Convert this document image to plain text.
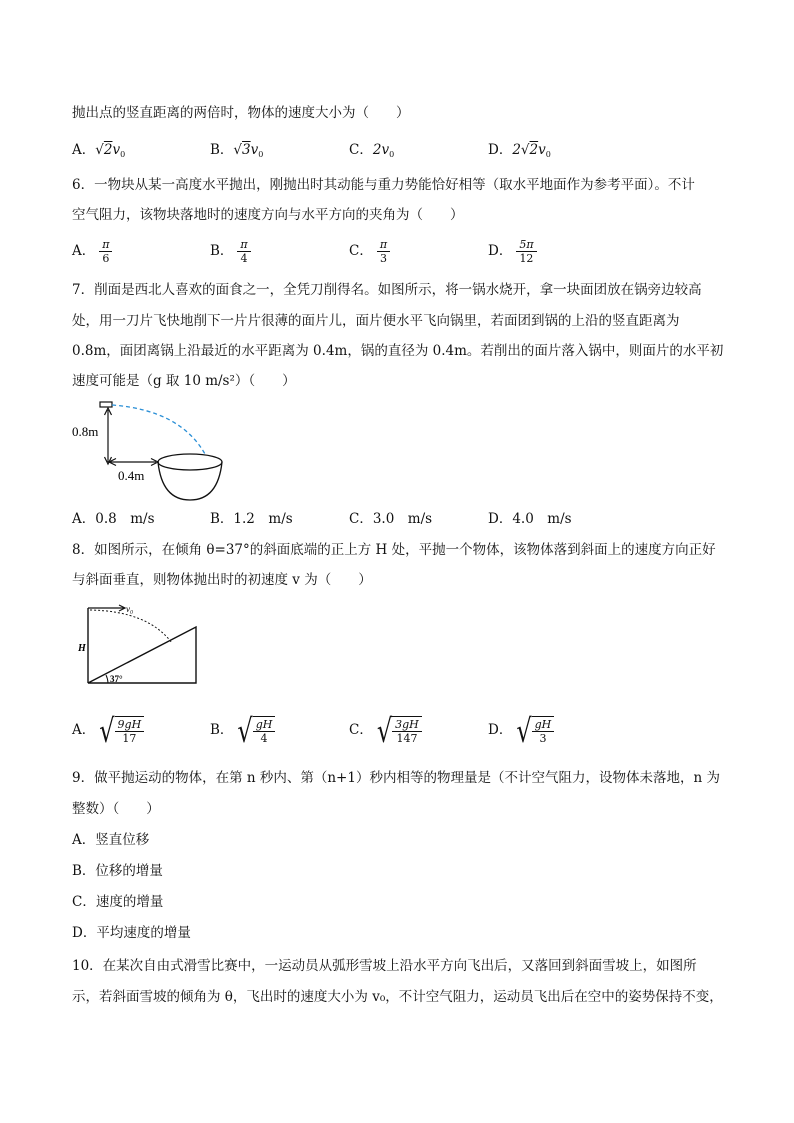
抛出点的竖直距离的两倍时，物体的速度大小为（　　）
A．$√2v_0$	B．$√3v_0$	C．$2v_0$	D．$2√2v_0$
6．一物块从某一高度水平抛出，刚抛出时其动能与重力势能恰好相等（取水平地面作为参考平面）。不计
空气阻力，该物块落地时的速度方向与水平方向的夹角为（　　）
A． $\frac{\pi}{6}$	B． $\frac{\pi}{4}$	C． $\frac{\pi}{3}$	D． $\frac{5\pi}{12}$
7．削面是西北人喜欢的面食之一，全凭刀削得名。如图所示，将一锅水烧开，拿一块面团放在锅旁边较高
处，用一刀片飞快地削下一片片很薄的面片儿，面片便水平飞向锅里，若面团到锅的上沿的竖直距离为
0.8m，面团离锅上沿最近的水平距离为 0.4m，锅的直径为 0.4m。若削出的面片落入锅中，则面片的水平初
速度可能是（g 取 10 m/s²）（　　）
0.8m
0.4m
A．0.8　m/s	B．1.2　m/s	C．3.0　m/s	D．4.0　m/s
8．如图所示，在倾角 θ=37°的斜面底端的正上方 H 处，平抛一个物体，该物体落到斜面上的速度方向正好
与斜面垂直，则物体抛出时的初速度 v 为（　　）
v₀
H
37°
A． √ 9gH
17
B． √ gH
4
C． √ 3gH
147
D． √ gH
3
9．做平抛运动的物体，在第 n 秒内、第（n+1）秒内相等的物理量是（不计空气阻力，设物体未落地，n 为
整数）（　　）
A．竖直位移
B．位移的增量
C．速度的增量
D．平均速度的增量
10．在某次自由式滑雪比赛中，一运动员从弧形雪坡上沿水平方向飞出后，又落回到斜面雪坡上，如图所
示，若斜面雪坡的倾角为 θ，飞出时的速度大小为 v₀，不计空气阻力，运动员飞出后在空中的姿势保持不变，
